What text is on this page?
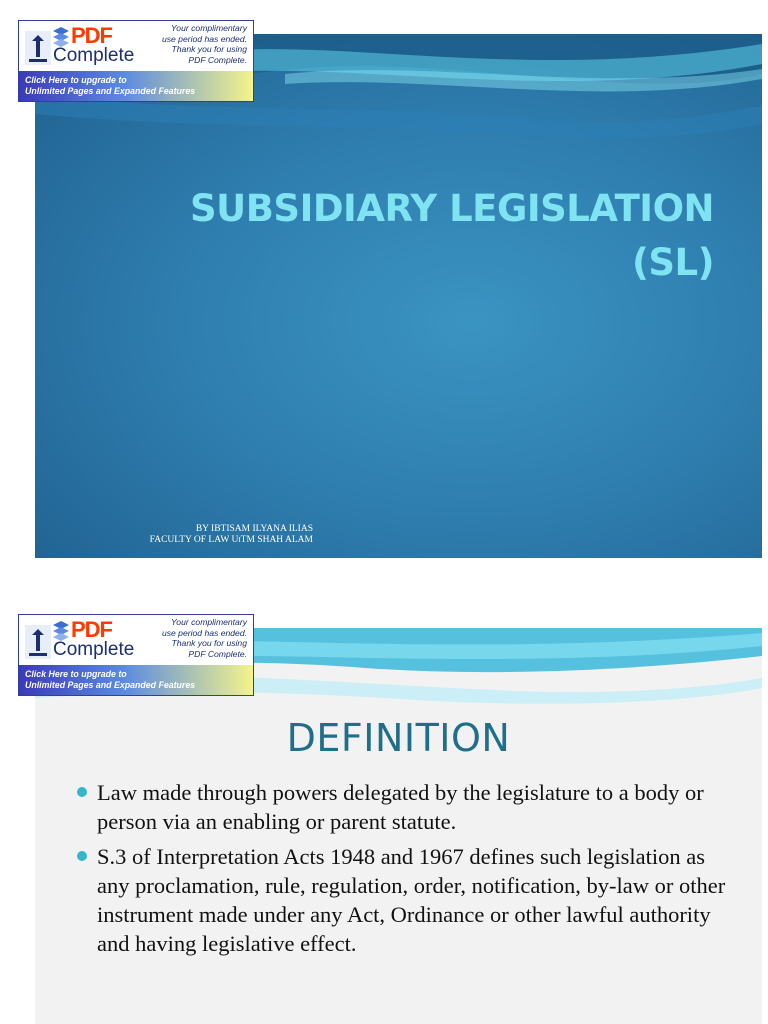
SUBSIDIARY LEGISLATION
(SL)
BY IBTISAM ILYANA ILIAS
FACULTY OF LAW UiTM SHAH ALAM
DEFINITION
Law made through powers delegated by the legislature to a body or person via an enabling or parent statute.
S.3 of Interpretation Acts 1948 and 1967 defines such legislation as any proclamation, rule, regulation, order, notification, by-law or other instrument made under any Act, Ordinance or other lawful authority and having legislative effect.
PDF
Complete
Your complimentary
use period has ended.
Thank you for using
PDF Complete.
Click Here to upgrade to
Unlimited Pages and Expanded Features
PDF
Complete
Your complimentary
use period has ended.
Thank you for using
PDF Complete.
Click Here to upgrade to
Unlimited Pages and Expanded Features
